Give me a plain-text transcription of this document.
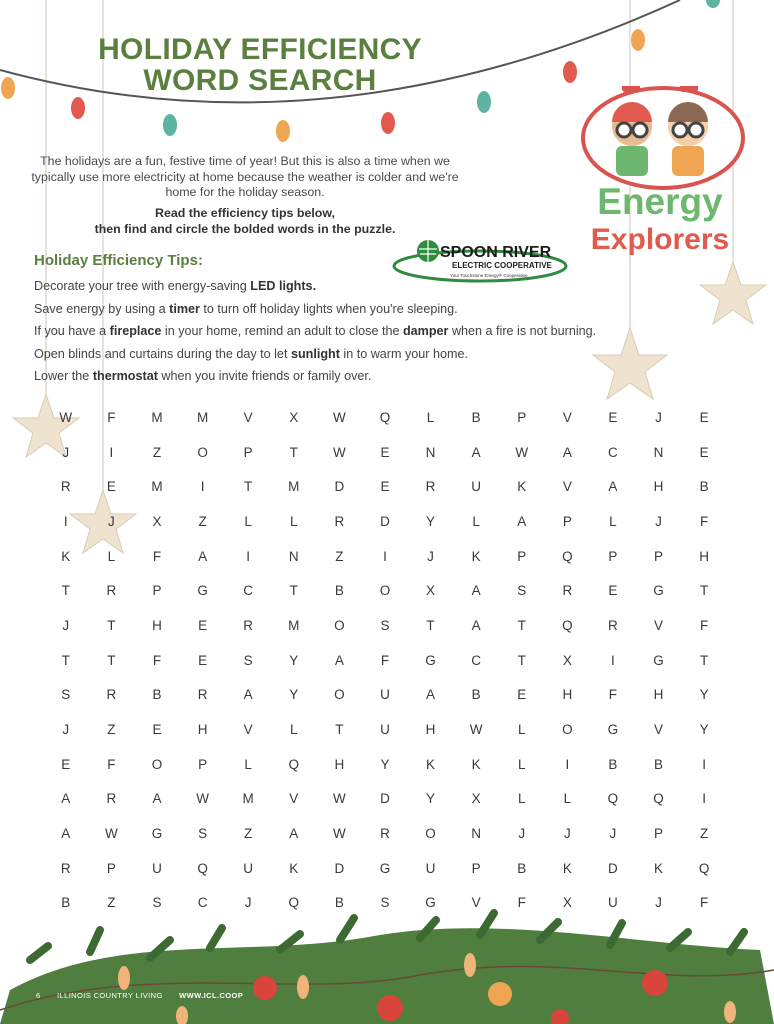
HOLIDAY EFFICIENCY
WORD SEARCH
The holidays are a fun, festive time of year! But this is also a time when we typically use more electricity at home because the weather is colder and we're home for the holiday season.
Read the efficiency tips below,
then find and circle the bolded words in the puzzle.
Holiday Efficiency Tips:
Decorate your tree with energy-saving LED lights.
Save energy by using a timer to turn off holiday lights when you're sleeping.
If you have a fireplace in your home, remind an adult to close the damper when a fire is not burning.
Open blinds and curtains during the day to let sunlight in to warm your home.
Lower the thermostat when you invite friends or family over.
SPOON RIVER
ELECTRIC COOPERATIVE
Your Touchstone Energy® Cooperative
Energy
Explorers
W	F	M	M	V	X	W	Q	L	B	P	V	E	J	E
J	I	Z	O	P	T	W	E	N	A	W	A	C	N	E
R	E	M	I	T	M	D	E	R	U	K	V	A	H	B
I	J	X	Z	L	L	R	D	Y	L	A	P	L	J	F
K	L	F	A	I	N	Z	I	J	K	P	Q	P	P	H
T	R	P	G	C	T	B	O	X	A	S	R	E	G	T
J	T	H	E	R	M	O	S	T	A	T	Q	R	V	F
T	T	F	E	S	Y	A	F	G	C	T	X	I	G	T
S	R	B	R	A	Y	O	U	A	B	E	H	F	H	Y
J	Z	E	H	V	L	T	U	H	W	L	O	G	V	Y
E	F	O	P	L	Q	H	Y	K	K	L	I	B	B	I
A	R	A	W	M	V	W	D	Y	X	L	L	Q	Q	I
A	W	G	S	Z	A	W	R	O	N	J	J	J	P	Z
R	P	U	Q	U	K	D	G	U	P	B	K	D	K	Q
B	Z	S	C	J	Q	B	S	G	V	F	X	U	J	F
6 ILLINOIS COUNTRY LIVING WWW.ICL.COOP
